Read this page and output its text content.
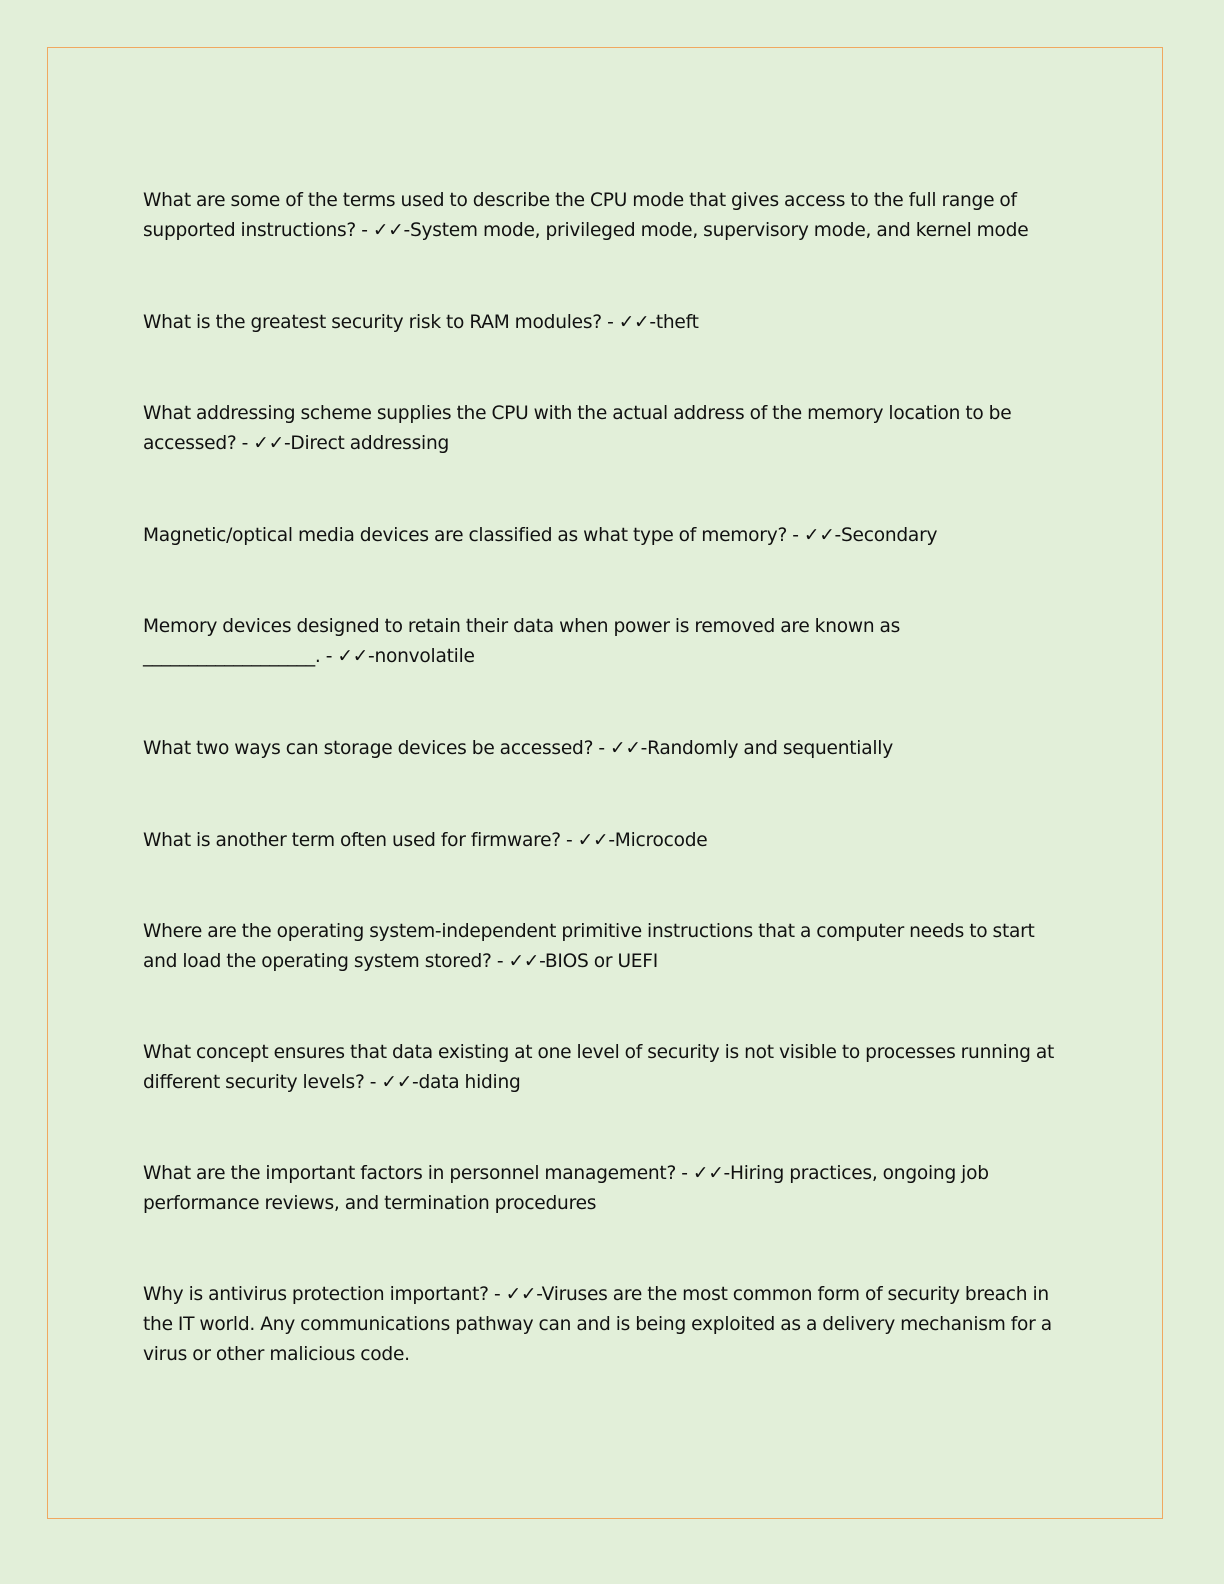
What are some of the terms used to describe the CPU mode that gives access to the full range of supported instructions? - ✓✓-System mode, privileged mode, supervisory mode, and kernel mode

What is the greatest security risk to RAM modules? - ✓✓-theft

What addressing scheme supplies the CPU with the actual address of the memory location to be accessed? - ✓✓-Direct addressing

Magnetic/optical media devices are classified as what type of memory? - ✓✓-Secondary

Memory devices designed to retain their data when power is removed are known as ___________________. - ✓✓-nonvolatile

What two ways can storage devices be accessed? - ✓✓-Randomly and sequentially

What is another term often used for firmware? - ✓✓-Microcode

Where are the operating system-independent primitive instructions that a computer needs to start and load the operating system stored? - ✓✓-BIOS or UEFI

What concept ensures that data existing at one level of security is not visible to processes running at different security levels? - ✓✓-data hiding

What are the important factors in personnel management? - ✓✓-Hiring practices, ongoing job performance reviews, and termination procedures

Why is antivirus protection important? - ✓✓-Viruses are the most common form of security breach in the IT world. Any communications pathway can and is being exploited as a delivery mechanism for a virus or other malicious code.
